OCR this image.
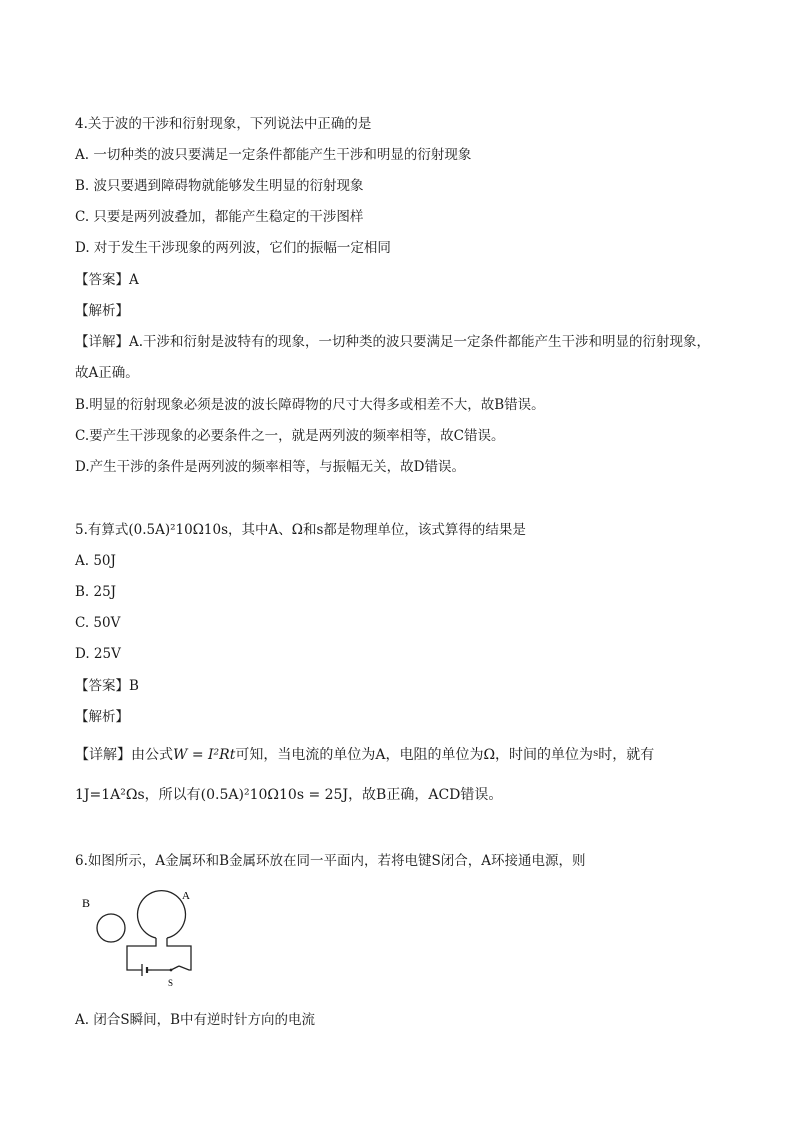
4.关于波的干涉和衍射现象，下列说法中正确的是
A. 一切种类的波只要满足一定条件都能产生干涉和明显的衍射现象
B. 波只要遇到障碍物就能够发生明显的衍射现象
C. 只要是两列波叠加，都能产生稳定的干涉图样
D. 对于发生干涉现象的两列波，它们的振幅一定相同
【答案】A
【解析】
【详解】A.干涉和衍射是波特有的现象，一切种类的波只要满足一定条件都能产生干涉和明显的衍射现象，
故A正确。
B.明显的衍射现象必须是波的波长障碍物的尺寸大得多或相差不大，故B错误。
C.要产生干涉现象的必要条件之一，就是两列波的频率相等，故C错误。
D.产生干涉的条件是两列波的频率相等，与振幅无关，故D错误。
5.有算式(0.5A)²10Ω10s，其中A、Ω和s都是物理单位，该式算得的结果是
A. 50J
B. 25J
C. 50V
D. 25V
【答案】B
【解析】
【详解】由公式W = I²Rt可知，当电流的单位为A，电阻的单位为Ω，时间的单位为$^s$时，就有
1J=1A²Ωs，所以有(0.5A)²10Ω10s = 25J，故B正确，ACD错误。
6.如图所示，A金属环和B金属环放在同一平面内，若将电键S闭合，A环接通电源，则
B	A
S
A. 闭合S瞬间，B中有逆时针方向的电流
